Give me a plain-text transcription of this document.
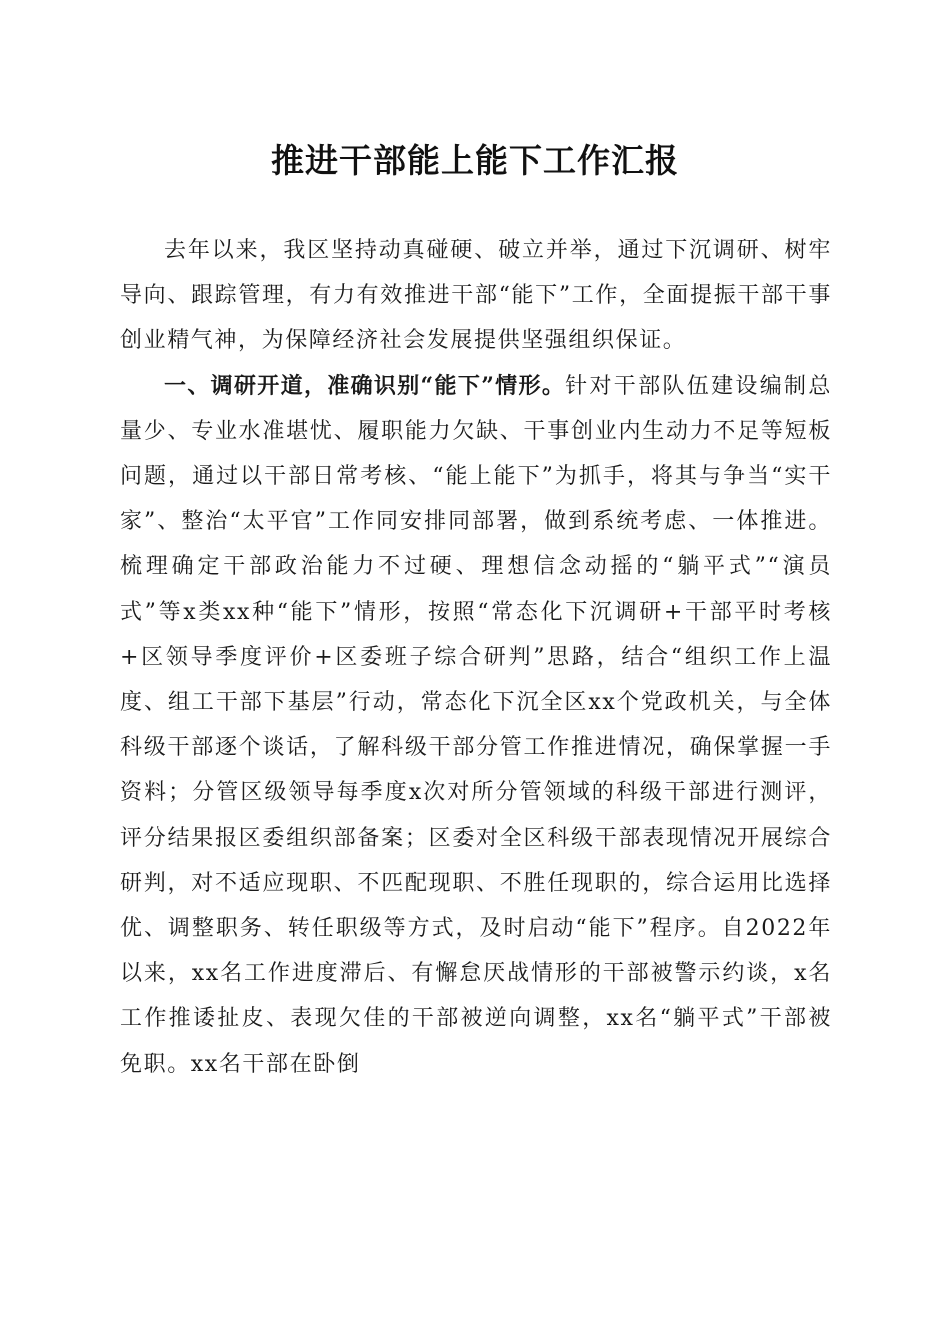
推进干部能上能下工作汇报

去年以来，我区坚持动真碰硬、破立并举，通过下沉调研、树牢导向、跟踪管理，有力有效推进干部“能下”工作，全面提振干部干事创业精气神，为保障经济社会发展提供坚强组织保证。

一、调研开道，准确识别“能下”情形。针对干部队伍建设编制总量少、专业水准堪忧、履职能力欠缺、干事创业内生动力不足等短板问题，通过以干部日常考核、“能上能下”为抓手，将其与争当“实干家”、整治“太平官”工作同安排同部署，做到系统考虑、一体推进。梳理确定干部政治能力不过硬、理想信念动摇的“躺平式”“演员式”等x类xx种“能下”情形，按照“常态化下沉调研+干部平时考核+区领导季度评价+区委班子综合研判”思路，结合“组织工作上温度、组工干部下基层”行动，常态化下沉全区xx个党政机关，与全体科级干部逐个谈话，了解科级干部分管工作推进情况，确保掌握一手资料；分管区级领导每季度x次对所分管领域的科级干部进行测评，评分结果报区委组织部备案；区委对全区科级干部表现情况开展综合研判，对不适应现职、不匹配现职、不胜任现职的，综合运用比选择优、调整职务、转任职级等方式，及时启动“能下”程序。自2022年以来，xx名工作进度滞后、有懈怠厌战情形的干部被警示约谈，x名工作推诿扯皮、表现欠佳的干部被逆向调整，xx名“躺平式”干部被免职。xx名干部在卧倒
